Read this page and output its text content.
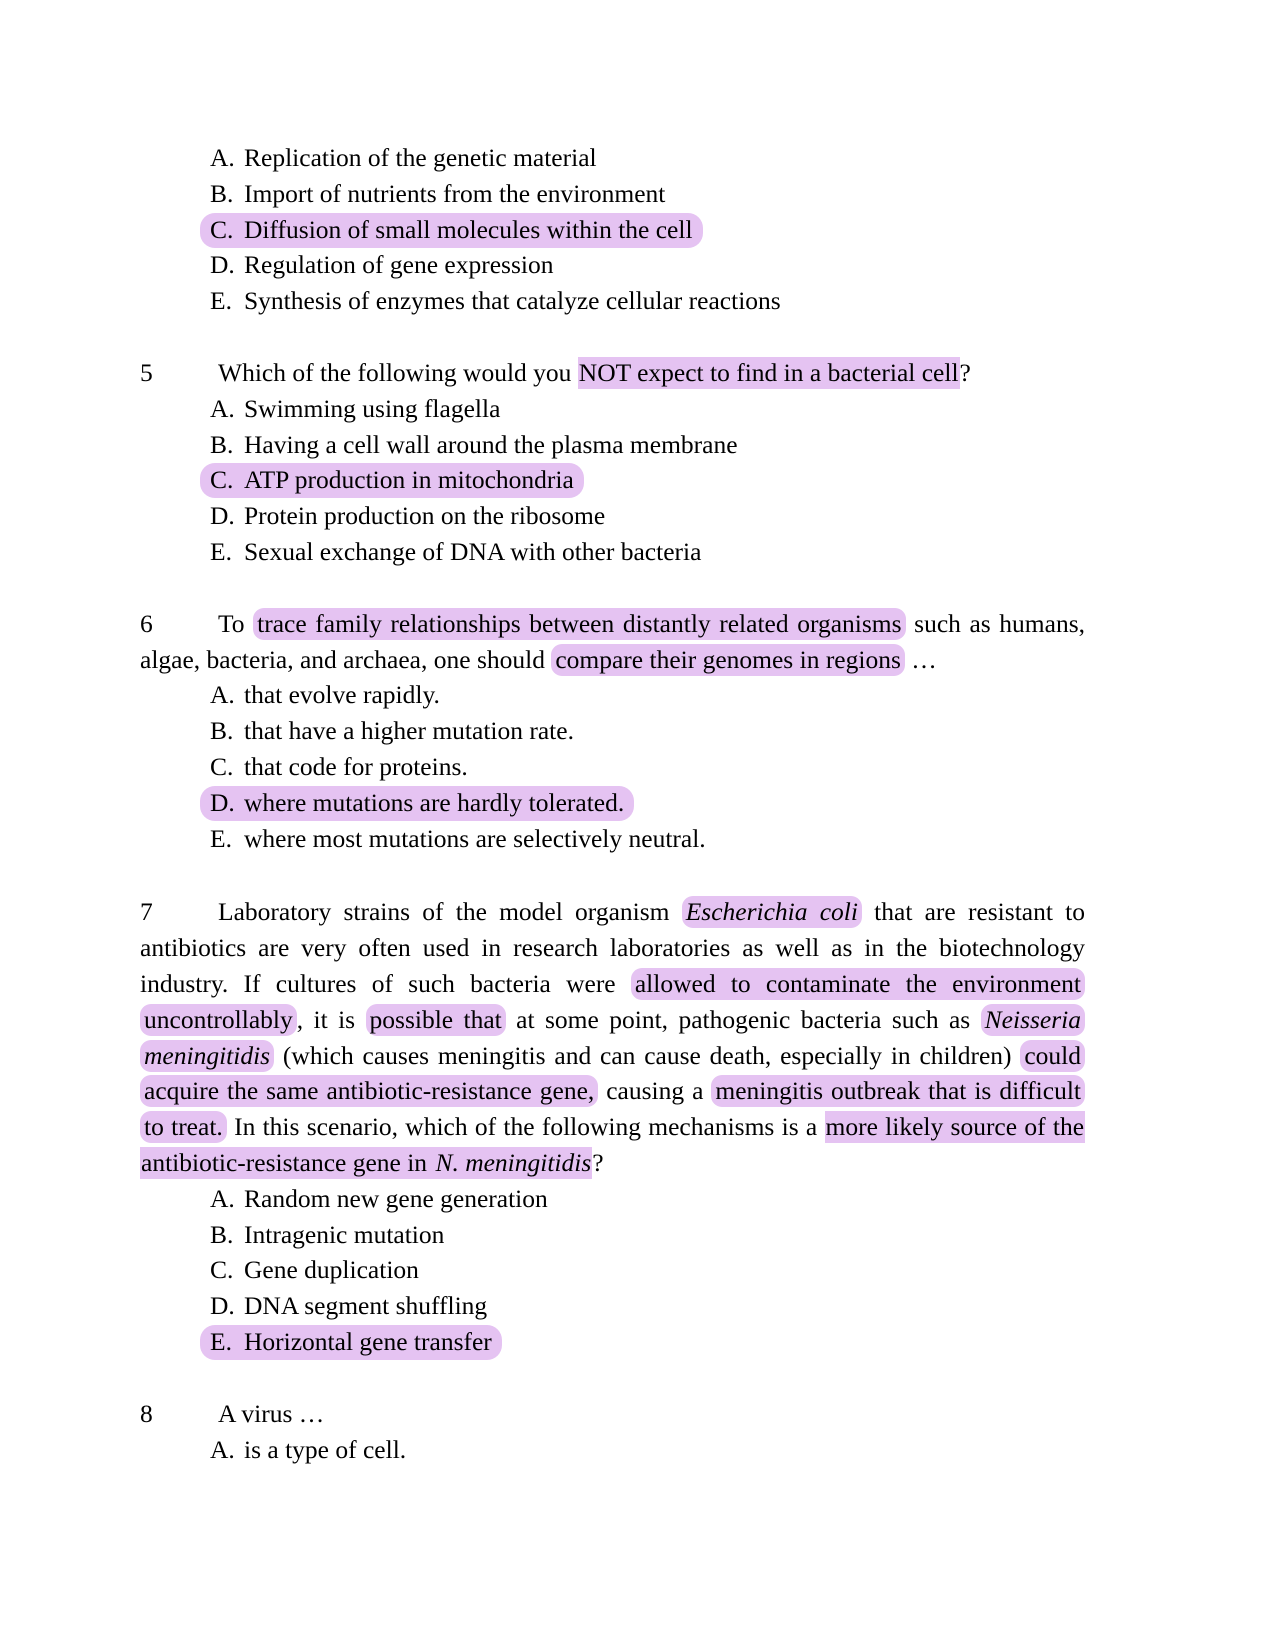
A. Replication of the genetic material
B. Import of nutrients from the environment
C. Diffusion of small molecules within the cell
D. Regulation of gene expression
E. Synthesis of enzymes that catalyze cellular reactions
5	Which of the following would you NOT expect to find in a bacterial cell?
A. Swimming using flagella
B. Having a cell wall around the plasma membrane
C. ATP production in mitochondria
D. Protein production on the ribosome
E. Sexual exchange of DNA with other bacteria
6	To trace family relationships between distantly related organisms such as humans, algae, bacteria, and archaea, one should compare their genomes in regions …
A. that evolve rapidly.
B. that have a higher mutation rate.
C. that code for proteins.
D. where mutations are hardly tolerated.
E. where most mutations are selectively neutral.
7	Laboratory strains of the model organism Escherichia coli that are resistant to antibiotics are very often used in research laboratories as well as in the biotechnology industry. If cultures of such bacteria were allowed to contaminate the environment uncontrollably , it is possible that at some point, pathogenic bacteria such as Neisseria meningitidis (which causes meningitis and can cause death, especially in children) could acquire the same antibiotic-resistance gene, causing a meningitis outbreak that is difficult to treat. In this scenario, which of the following mechanisms is a more likely source of the antibiotic-resistance gene in N. meningitidis?
A. Random new gene generation
B. Intragenic mutation
C. Gene duplication
D. DNA segment shuffling
E. Horizontal gene transfer
8	A virus …
A. is a type of cell.
